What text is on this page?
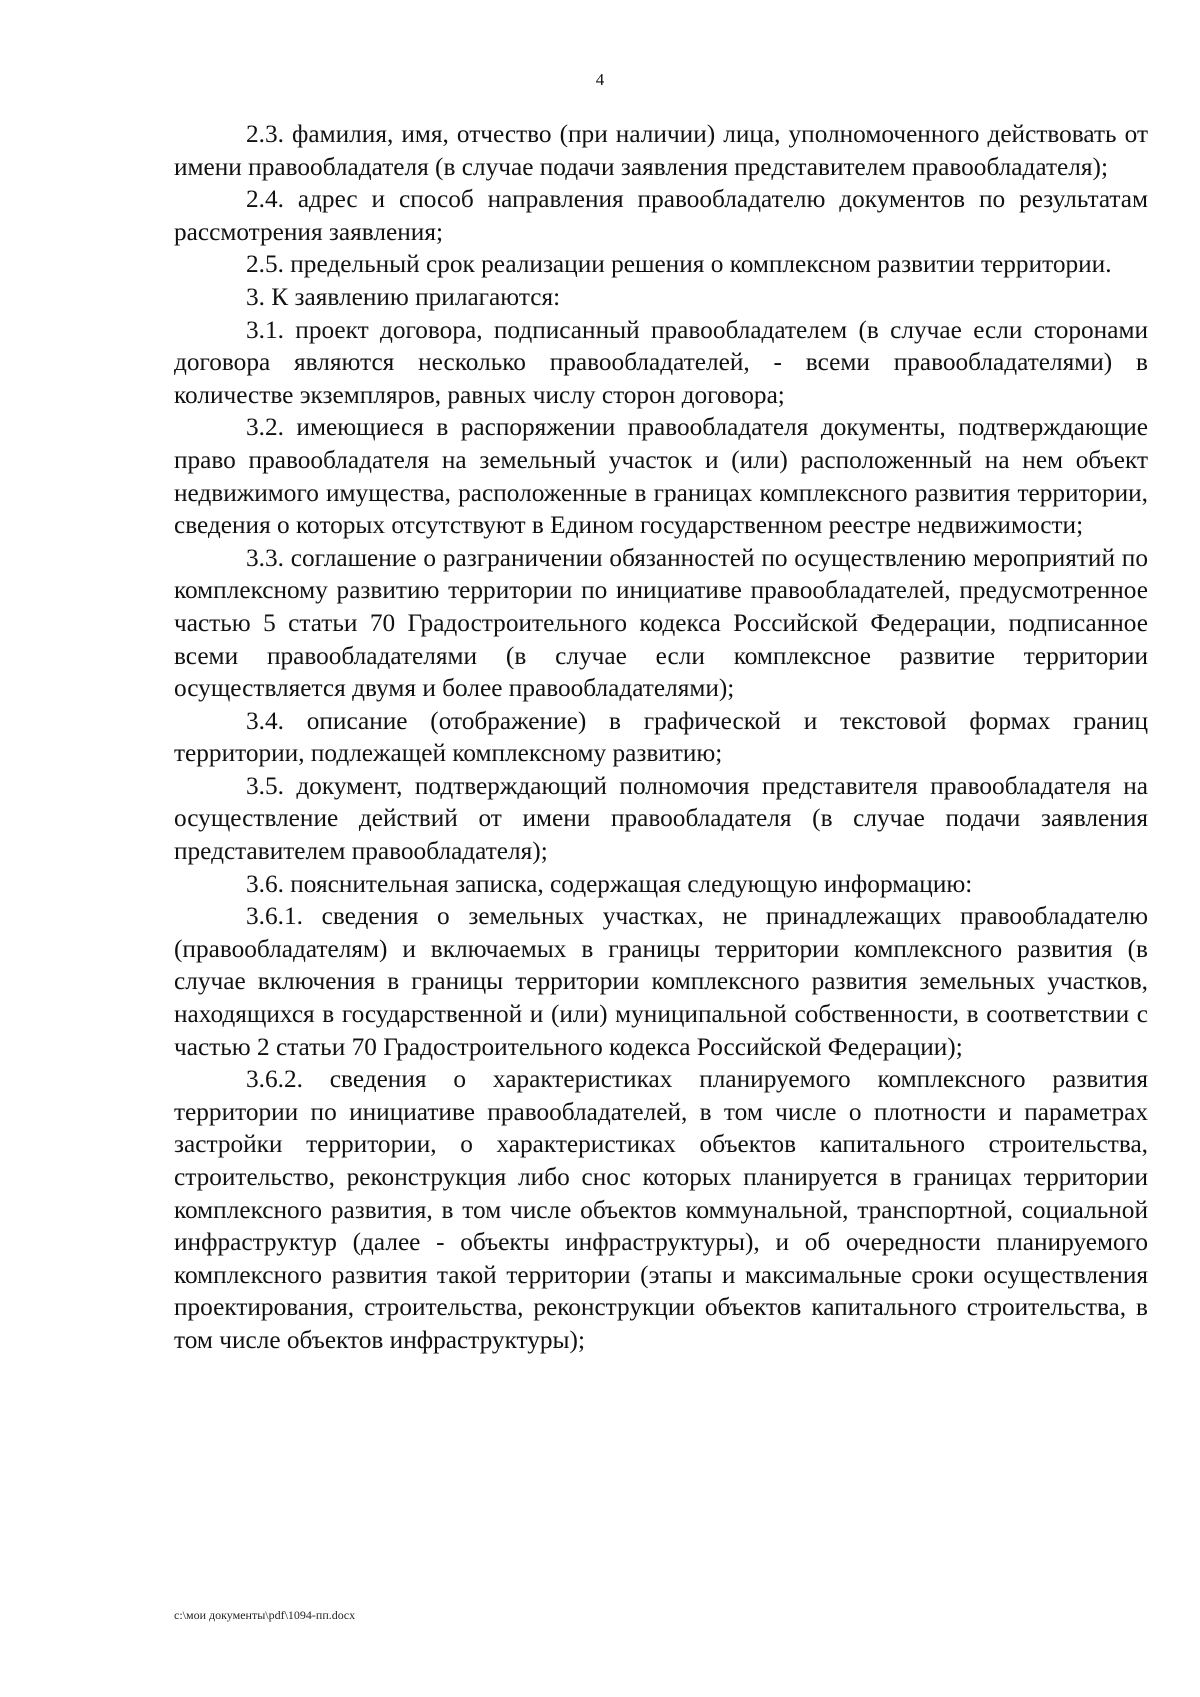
4

2.3. фамилия, имя, отчество (при наличии) лица, уполномоченного действовать от имени правообладателя (в случае подачи заявления представителем правообладателя);

2.4. адрес и способ направления правообладателю документов по результатам рассмотрения заявления;

2.5. предельный срок реализации решения о комплексном развитии территории.

3. К заявлению прилагаются:

3.1. проект договора, подписанный правообладателем (в случае если сторонами договора являются несколько правообладателей, - всеми правообладателями) в количестве экземпляров, равных числу сторон договора;

3.2. имеющиеся в распоряжении правообладателя документы, подтверждающие право правообладателя на земельный участок и (или) расположенный на нем объект недвижимого имущества, расположенные в границах комплексного развития территории, сведения о которых отсутствуют в Едином государственном реестре недвижимости;

3.3. соглашение о разграничении обязанностей по осуществлению мероприятий по комплексному развитию территории по инициативе правообладателей, предусмотренное частью 5 статьи 70 Градостроительного кодекса Российской Федерации, подписанное всеми правообладателями (в случае если комплексное развитие территории осуществляется двумя и более правообладателями);

3.4. описание (отображение) в графической и текстовой формах границ территории, подлежащей комплексному развитию;

3.5. документ, подтверждающий полномочия представителя правообладателя на осуществление действий от имени правообладателя (в случае подачи заявления представителем правообладателя);

3.6. пояснительная записка, содержащая следующую информацию:

3.6.1. сведения о земельных участках, не принадлежащих правообладателю (правообладателям) и включаемых в границы территории комплексного развития (в случае включения в границы территории комплексного развития земельных участков, находящихся в государственной и (или) муниципальной собственности, в соответствии с частью 2 статьи 70 Градостроительного кодекса Российской Федерации);

3.6.2. сведения о характеристиках планируемого комплексного развития территории по инициативе правообладателей, в том числе о плотности и параметрах застройки территории, о характеристиках объектов капитального строительства, строительство, реконструкция либо снос которых планируется в границах территории комплексного развития, в том числе объектов коммунальной, транспортной, социальной инфраструктур (далее - объекты инфраструктуры), и об очередности планируемого комплексного развития такой территории (этапы и максимальные сроки осуществления проектирования, строительства, реконструкции объектов капитального строительства, в том числе объектов инфраструктуры);

c:\мои документы\pdf\1094-пп.docx
